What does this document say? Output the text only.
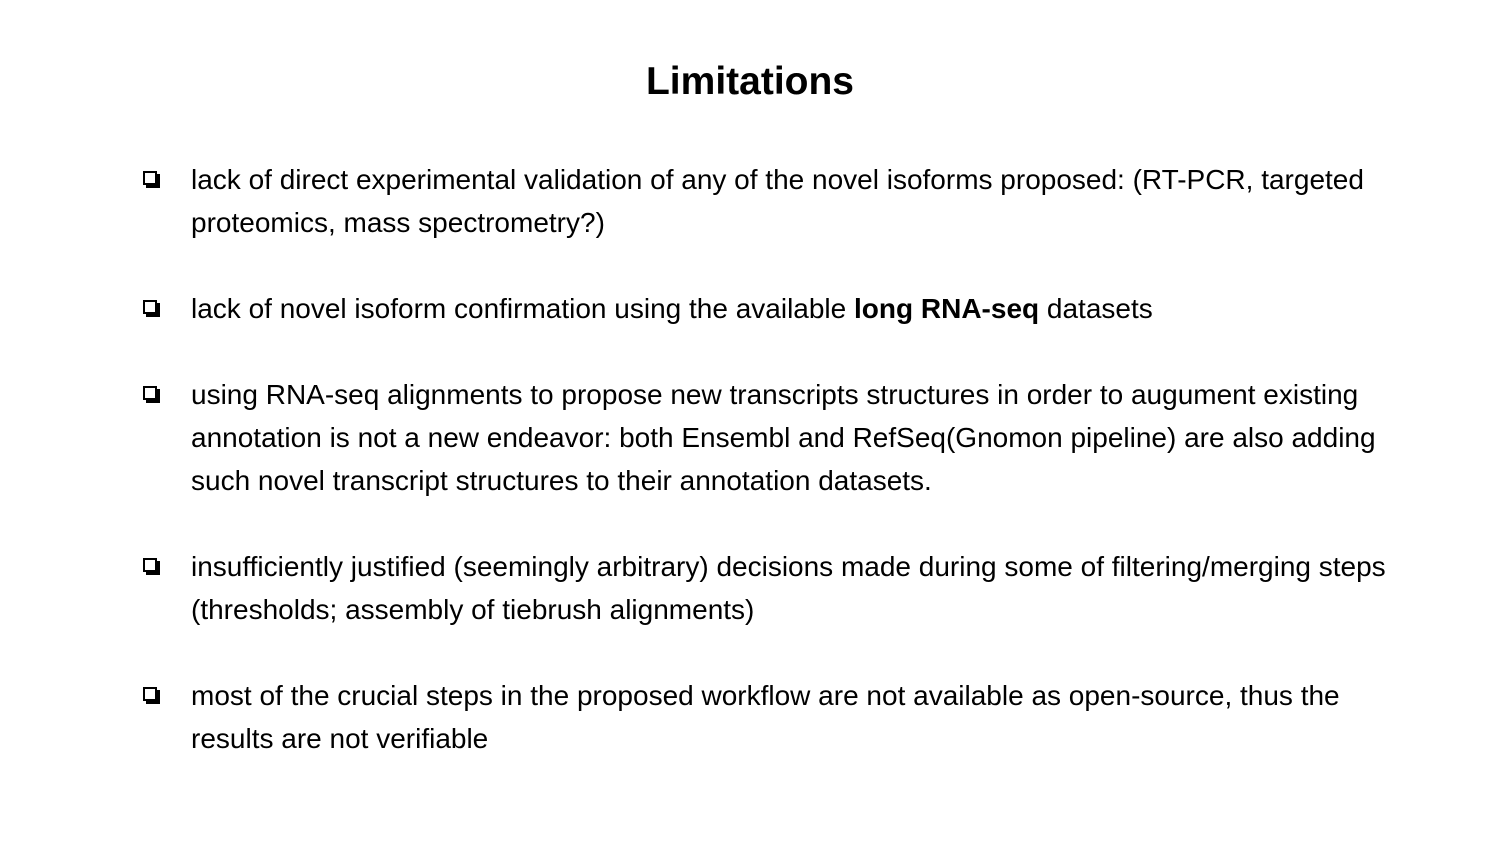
Limitations
lack of direct experimental validation of any of the novel isoforms proposed: (RT-PCR, targeted proteomics, mass spectrometry?)
lack of novel isoform confirmation using the available long RNA-seq datasets
using RNA-seq alignments to propose new transcripts structures in order to augument existing annotation is not a new endeavor: both Ensembl and RefSeq(Gnomon pipeline) are also adding such novel transcript structures to their annotation datasets.
insufficiently justified (seemingly arbitrary) decisions made during some of filtering/merging steps (thresholds; assembly of tiebrush alignments)
most of the crucial steps in the proposed workflow are not available as open-source, thus the results are not verifiable
